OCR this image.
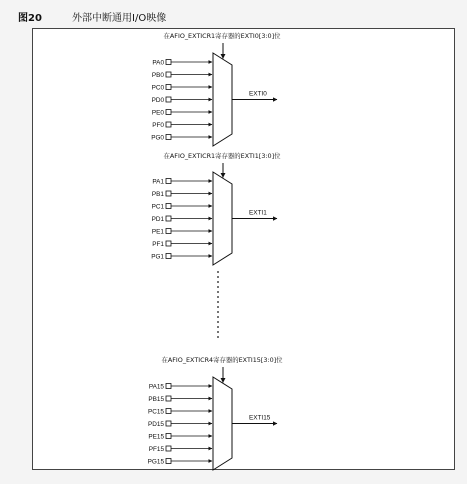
图20	外部中断通用I/O映像
在AFIO_EXTICR1寄存器的EXTI0[3:0]位
PA0
PB0
PC0
PD0
PE0
PF0
PG0
EXTI0
在AFIO_EXTICR1寄存器的EXTI1[3:0]位
PA1
PB1
PC1
PD1
PE1
PF1
PG1
EXTI1
在AFIO_EXTICR4寄存器的EXTI15[3:0]位
PA15
PB15
PC15
PD15
PE15
PF15
PG15
EXTI15
